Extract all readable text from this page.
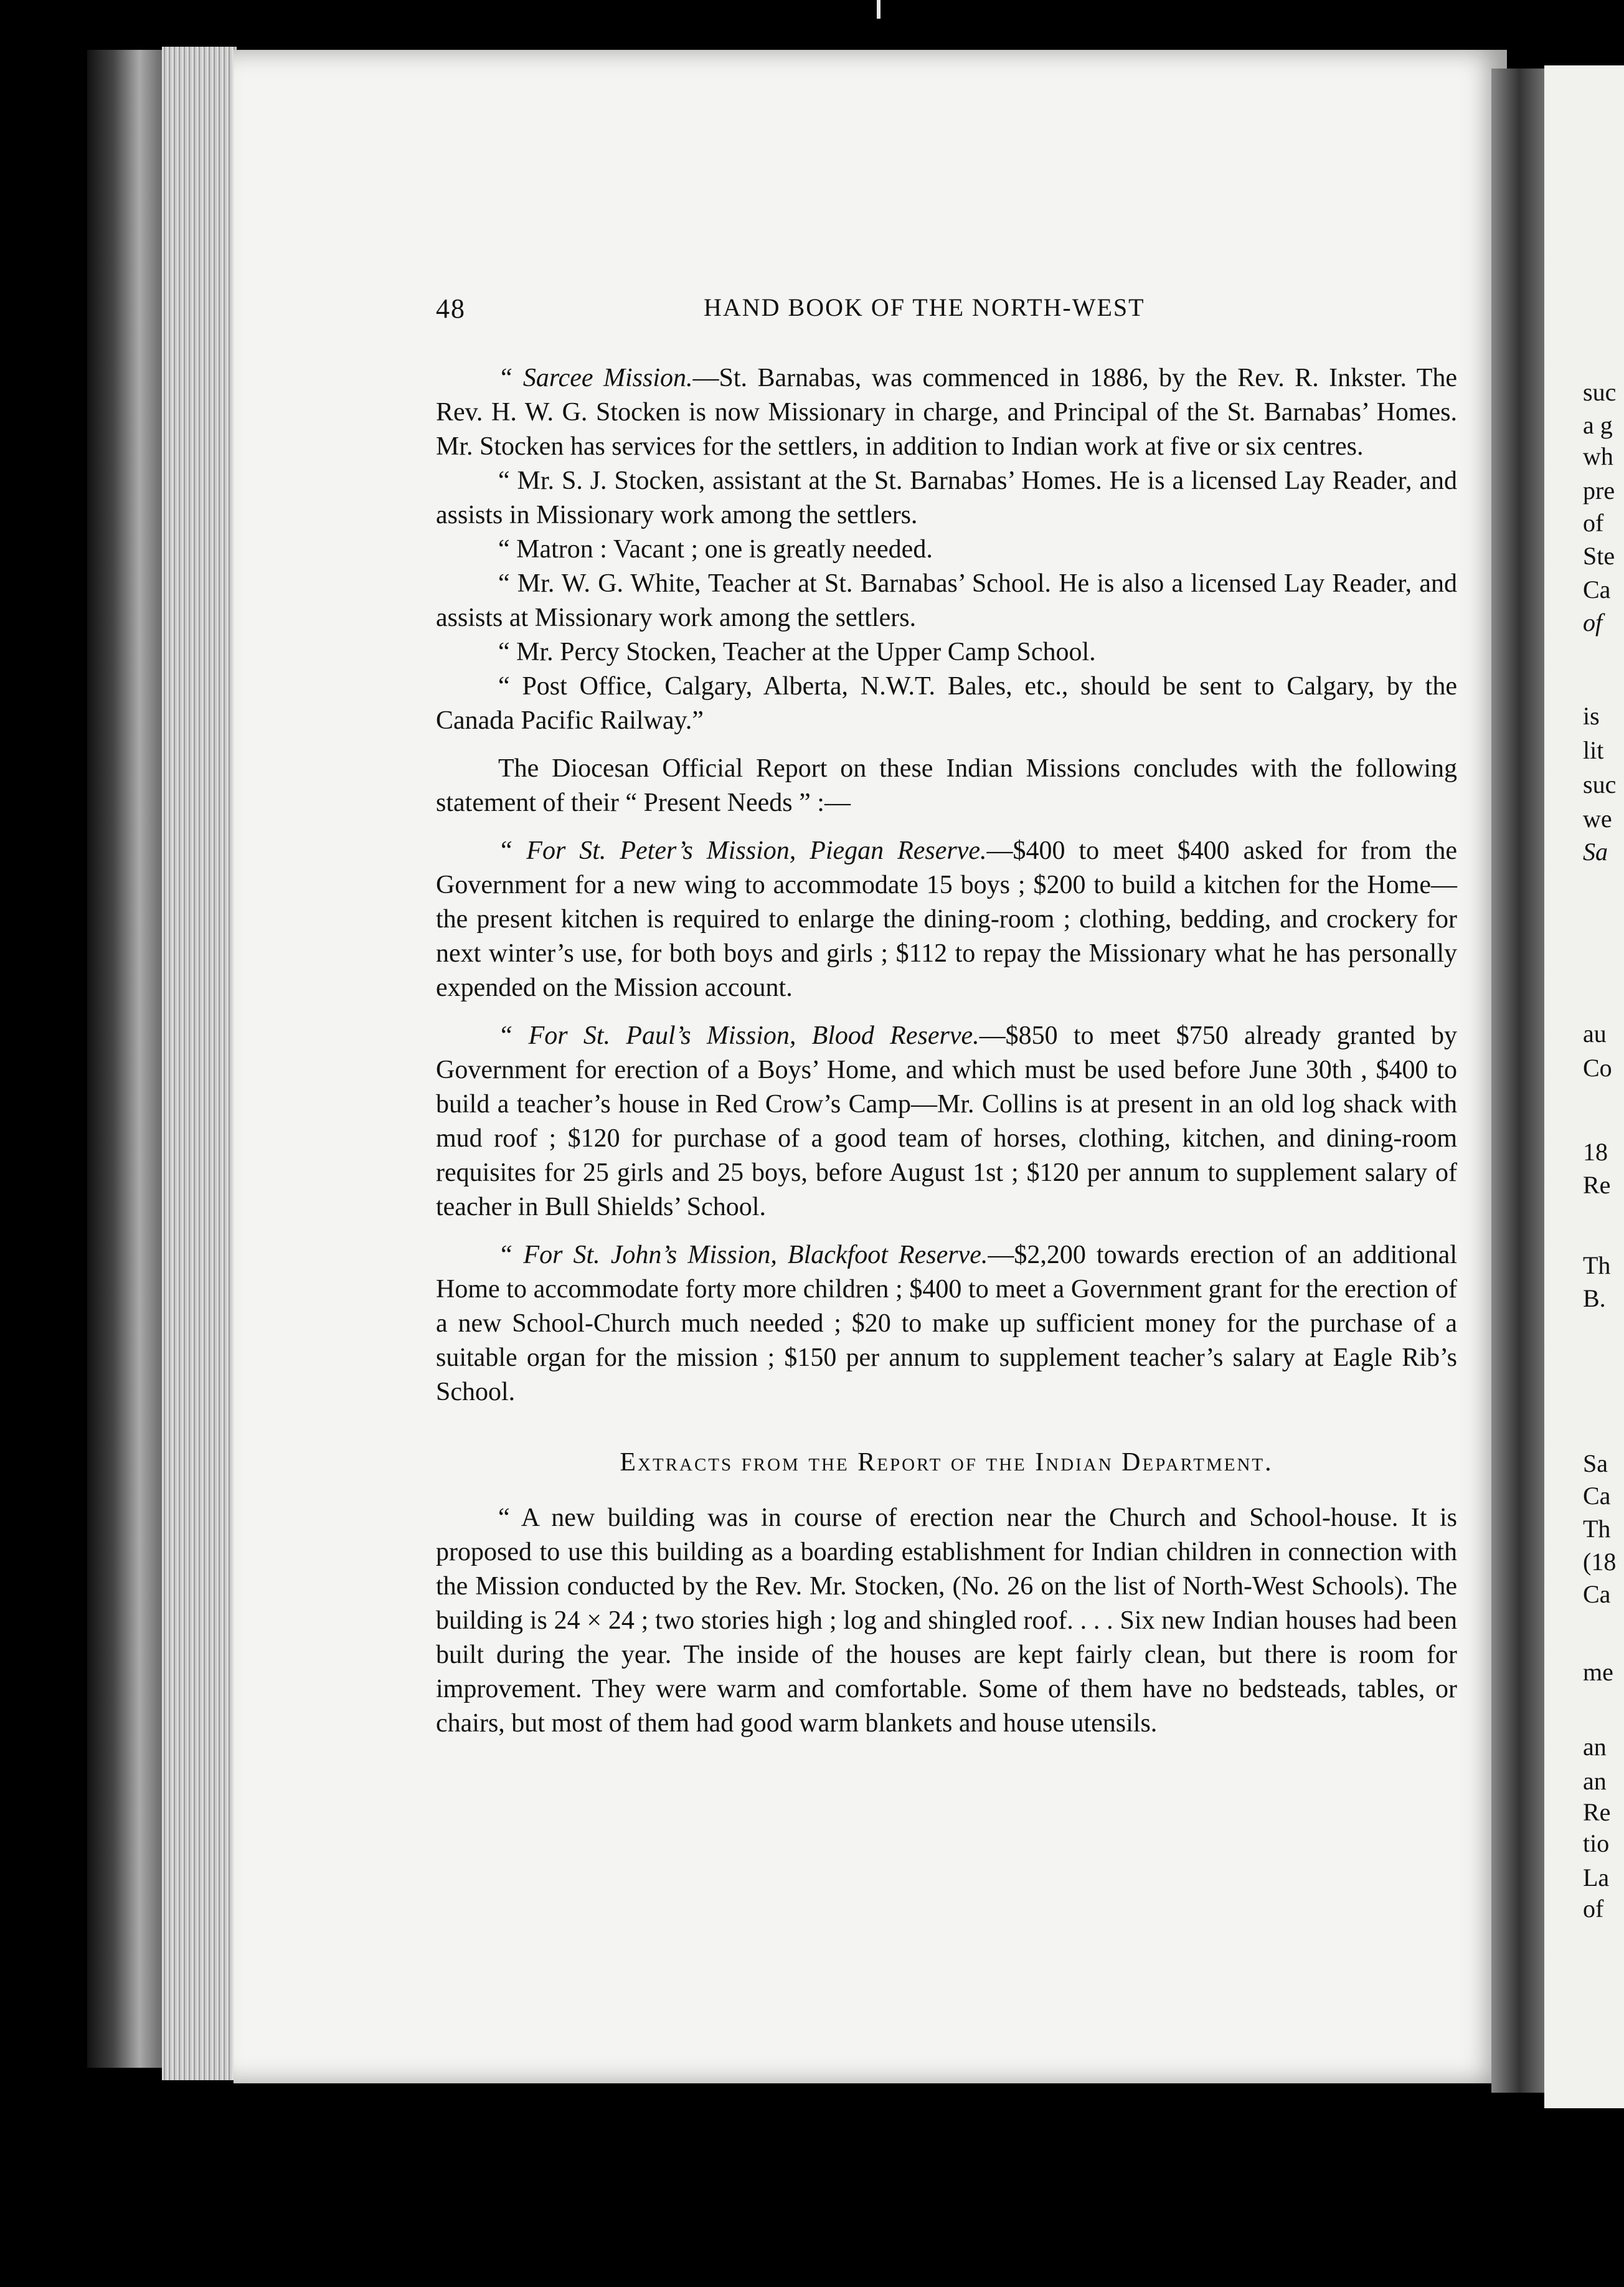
48	HAND BOOK OF THE NORTH-WEST

“ Sarcee Mission.—St. Barnabas, was commenced in 1886, by the Rev. R. Inkster. The Rev. H. W. G. Stocken is now Missionary in charge, and Principal of the St. Barnabas’ Homes. Mr. Stocken has services for the settlers, in addition to Indian work at five or six centres.

“ Mr. S. J. Stocken, assistant at the St. Barnabas’ Homes. He is a licensed Lay Reader, and assists in Missionary work among the settlers.

“ Matron : Vacant ; one is greatly needed.

“ Mr. W. G. White, Teacher at St. Barnabas’ School. He is also a licensed Lay Reader, and assists at Missionary work among the settlers.

“ Mr. Percy Stocken, Teacher at the Upper Camp School.

“ Post Office, Calgary, Alberta, N.W.T. Bales, etc., should be sent to Calgary, by the Canada Pacific Railway.”

The Diocesan Official Report on these Indian Missions concludes with the following statement of their “ Present Needs ” :—

“ For St. Peter’s Mission, Piegan Reserve.—$400 to meet $400 asked for from the Government for a new wing to accommodate 15 boys ; $200 to build a kitchen for the Home—the present kitchen is required to enlarge the dining-room ; clothing, bedding, and crockery for next winter’s use, for both boys and girls ; $112 to repay the Missionary what he has personally expended on the Mission account.

“ For St. Paul’s Mission, Blood Reserve.—$850 to meet $750 already granted by Government for erection of a Boys’ Home, and which must be used before June 30th , $400 to build a teacher’s house in Red Crow’s Camp—Mr. Collins is at present in an old log shack with mud roof ; $120 for purchase of a good team of horses, clothing, kitchen, and dining-room requisites for 25 girls and 25 boys, before August 1st ; $120 per annum to supplement salary of teacher in Bull Shields’ School.

“ For St. John’s Mission, Blackfoot Reserve.—$2,200 towards erection of an additional Home to accommodate forty more children ; $400 to meet a Government grant for the erection of a new School-Church much needed ; $20 to make up sufficient money for the purchase of a suitable organ for the mission ; $150 per annum to supplement teacher’s salary at Eagle Rib’s School.

Extracts from the Report of the Indian Department.

“ A new building was in course of erection near the Church and School-house. It is proposed to use this building as a boarding establishment for Indian children in connection with the Mission conducted by the Rev. Mr. Stocken, (No. 26 on the list of North-West Schools). The building is 24 × 24 ; two stories high ; log and shingled roof. . . . Six new Indian houses had been built during the year. The inside of the houses are kept fairly clean, but there is room for improvement. They were warm and comfortable. Some of them have no bedsteads, tables, or chairs, but most of them had good warm blankets and house utensils.

suc
a g
wh
pre
of
Ste
Ca
of
is
lit
suc
we
Sa
au
Co
18
Re
Th
B.
Sa
Ca
Th
(18
Ca
me
an
an
Re
tio
La
of
